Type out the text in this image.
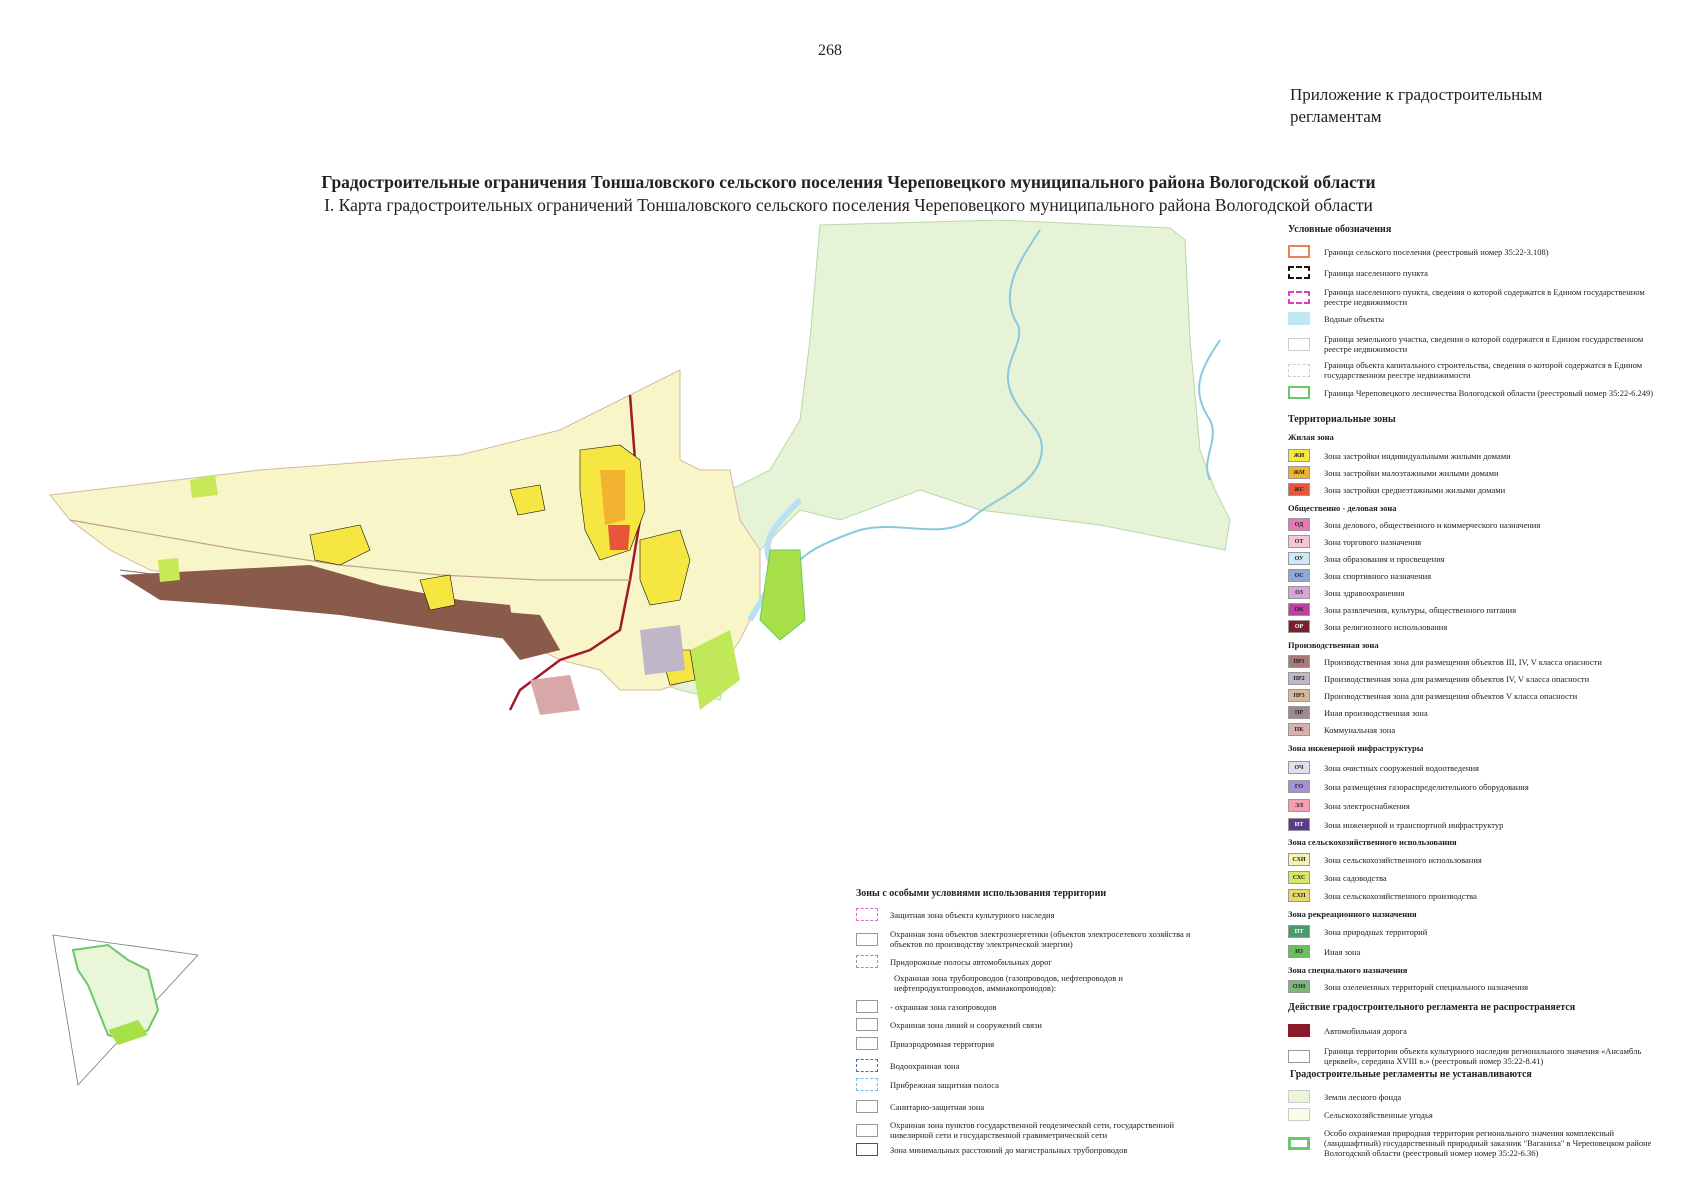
268
Приложение к градостроительным регламентам
Градостроительные ограничения Тоншаловского сельского поселения Череповецкого муниципального района Вологодской области
I. Карта градостроительных ограничений Тоншаловского сельского поселения Череповецкого муниципального района Вологодской области
Условные обозначения
Граница сельского поселения (реестровый номер 35:22-3.108)
Граница населенного пункта
Граница населенного пункта, сведения о которой содержатся в Едином государственном реестре недвижимости
Водные объекты
Граница земельного участка, сведения о которой содержатся в Едином государственном реестре недвижимости
Граница объекта капитального строительства, сведения о которой содержатся в Едином государственном реестре недвижимости
Граница Череповецкого лесничества Вологодской области (реестровый номер 35:22-6.249)
Территориальные зоны
Жилая зона
ЖИ	Зона застройки индивидуальными жилыми домами
ЖМ	Зона застройки малоэтажными жилыми домами
ЖС	Зона застройки среднеэтажными жилыми домами
Общественно - деловая зона
ОД	Зона делового, общественного и коммерческого назначения
ОТ	Зона торгового назначения
ОУ	Зона образования и просвещения
ОС	Зона спортивного назначения
ОЗ	Зона здравоохранения
ОК	Зона развлечения, культуры, общественного питания
ОР	Зона религиозного использования
Производственная зона
ПР1	Производственная зона для размещения объектов III, IV, V класса опасности
ПР2	Производственная зона для размещения объектов IV, V класса опасности
ПР3	Производственная зона для размещения объектов V класса опасности
ПР	Иная производственная зона
ПК	Коммунальная зона
Зона инженерной инфраструктуры
ОЧ	Зона очистных сооружений водоотведения
ГО	Зона размещения газораспределительного оборудования
ЭЛ	Зона электроснабжения
ИТ	Зона инженерной и транспортной инфраструктур
Зона сельскохозяйственного использования
СХИ	Зона сельскохозяйственного использования
СХС	Зона садоводства
СХП	Зона сельскохозяйственного производства
Зона рекреационного назначения
ПТ	Зона природных территорий
ИЗ	Иная зона
Зона специального назначения
ОЗН	Зона озелененных территорий специального назначения
Действие градостроительного регламента не распространяется
Автомобильная дорога
Граница территории объекта культурного наследия регионального значения «Ансамбль церквей», середина XVIII в.» (реестровый номер 35:22-8.41)
Градостроительные регламенты не устанавливаются
Земли лесного фонда
Сельскохозяйственные угодья
Особо охраняемая природная территория регионального значения комплексный (ландшафтный) государственный природный заказник "Ваганиха" в Череповецком районе Вологодской области (реестровый номер номер 35:22-6.36)
Зоны с особыми условиями использования территории
Защитная зона объекта культурного наследия
Охранная зона объектов электроэнергетики (объектов электросетевого хозяйства и объектов по производству электрической энергии)
Придорожные полосы автомобильных дорог
Охранная зона трубопроводов (газопроводов, нефтепроводов и нефтепродуктопроводов, аммиакопроводов):
- охранная зона газопроводов
Охранная зона линий и сооружений связи
Приаэродромная территория
Водоохранная зона
Прибрежная защитная полоса
Санитарно-защитная зона
Охранная зона пунктов государственной геодезической сети, государственной нивелирной сети и государственной гравиметрической сети
Зона минимальных расстояний до магистральных трубопроводов
